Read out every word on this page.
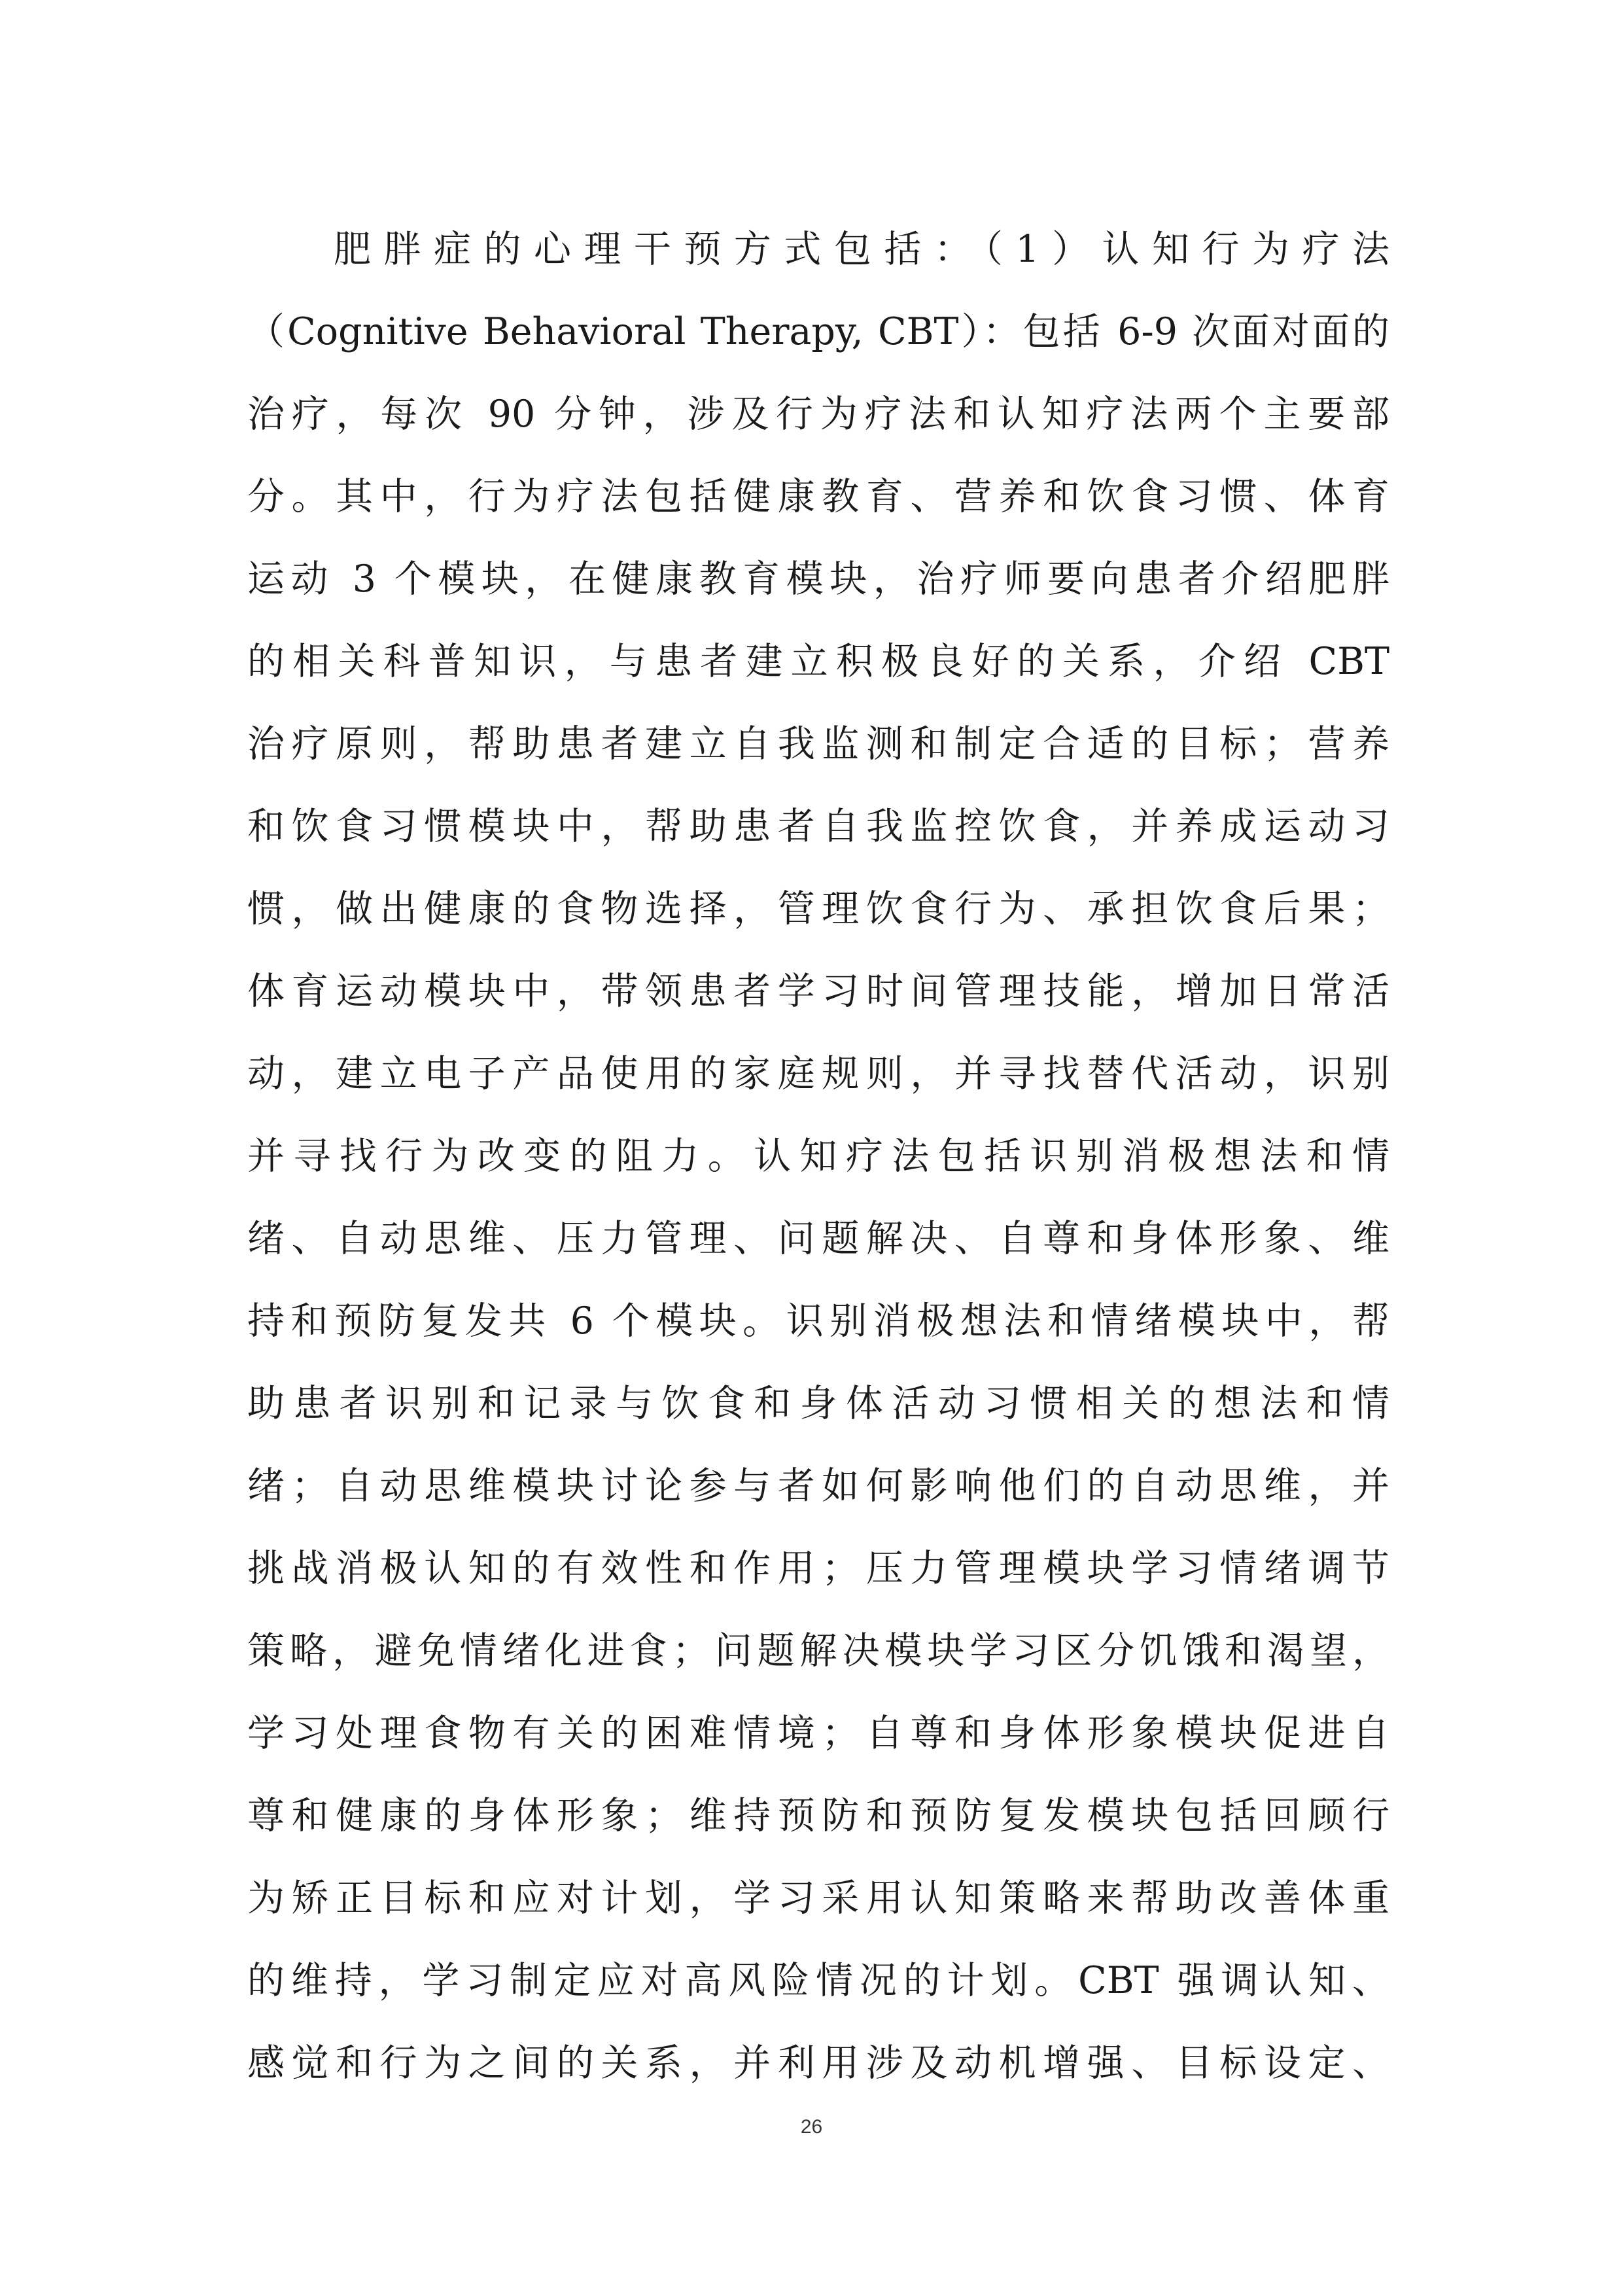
肥胖症的心理干预方式包括：（1）认知行为疗法
（Cognitive Behavioral Therapy, CBT）：包括 6-9 次面对面的
治疗，每次 90 分钟，涉及行为疗法和认知疗法两个主要部
分。其中，行为疗法包括健康教育、营养和饮食习惯、体育
运动 3 个模块，在健康教育模块，治疗师要向患者介绍肥胖
的相关科普知识，与患者建立积极良好的关系，介绍 CBT
治疗原则，帮助患者建立自我监测和制定合适的目标；营养
和饮食习惯模块中，帮助患者自我监控饮食，并养成运动习
惯，做出健康的食物选择，管理饮食行为、承担饮食后果；
体育运动模块中，带领患者学习时间管理技能，增加日常活
动，建立电子产品使用的家庭规则，并寻找替代活动，识别
并寻找行为改变的阻力。认知疗法包括识别消极想法和情
绪、自动思维、压力管理、问题解决、自尊和身体形象、维
持和预防复发共 6 个模块。识别消极想法和情绪模块中，帮
助患者识别和记录与饮食和身体活动习惯相关的想法和情
绪；自动思维模块讨论参与者如何影响他们的自动思维，并
挑战消极认知的有效性和作用；压力管理模块学习情绪调节
策略，避免情绪化进食；问题解决模块学习区分饥饿和渴望，
学习处理食物有关的困难情境；自尊和身体形象模块促进自
尊和健康的身体形象；维持预防和预防复发模块包括回顾行
为矫正目标和应对计划，学习采用认知策略来帮助改善体重
的维持，学习制定应对高风险情况的计划。CBT 强调认知、
感觉和行为之间的关系，并利用涉及动机增强、目标设定、
26
